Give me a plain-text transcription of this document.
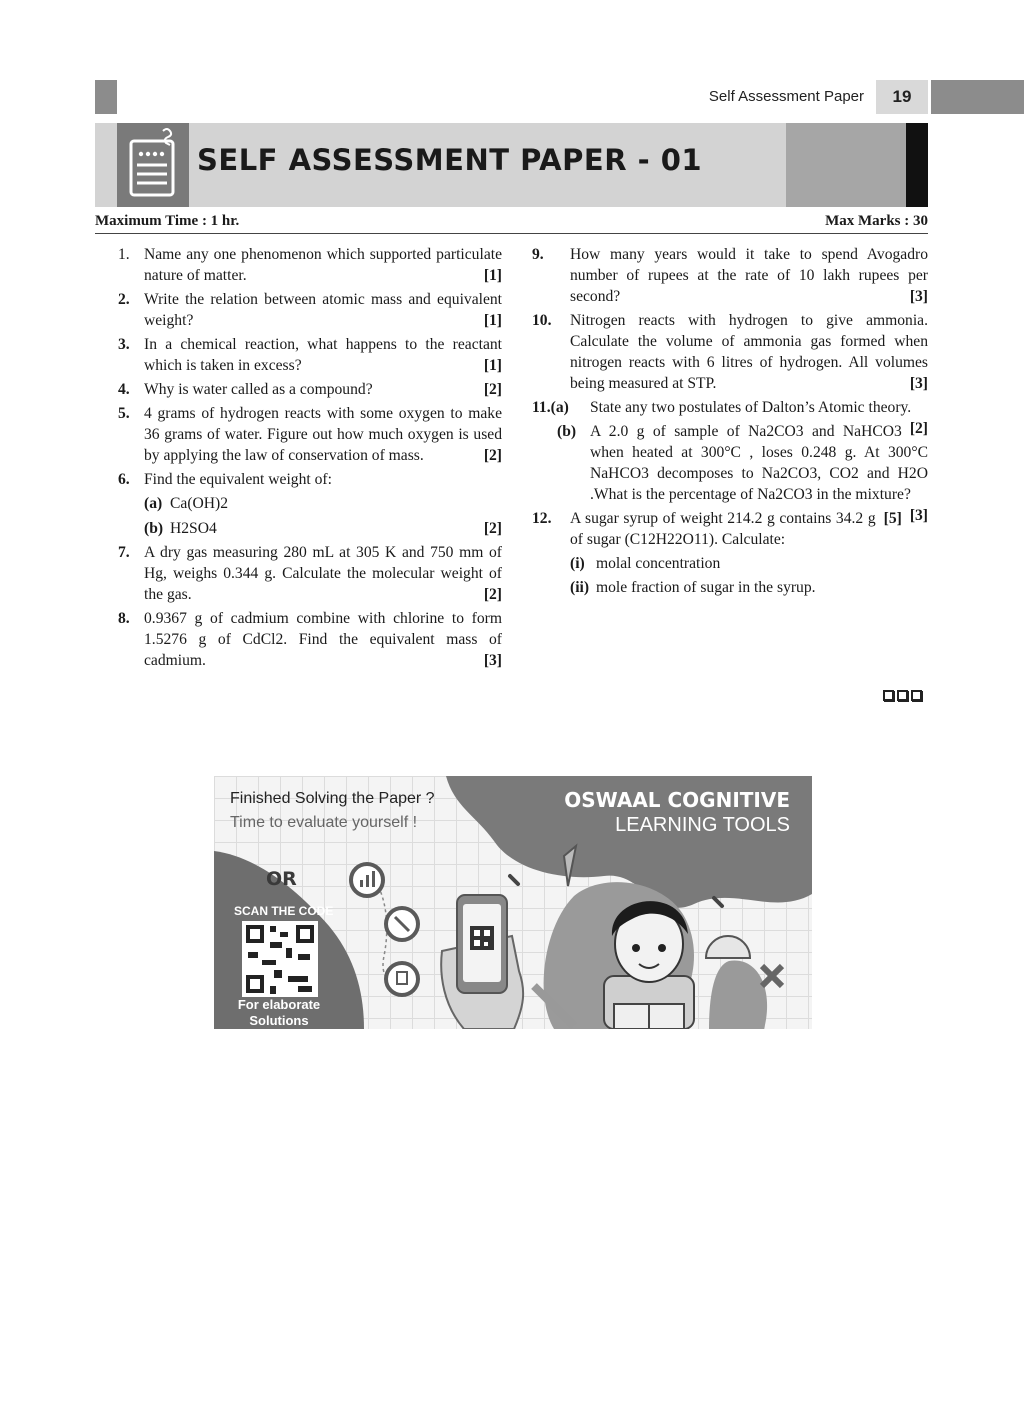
Self Assessment Paper	19
SELF ASSESSMENT PAPER - 01
Maximum Time : 1 hr.	Max Marks : 30
1. Name any one phenomenon which supported particulate nature of matter.	[1]
2. Write the relation between atomic mass and equivalent weight?	[1]
3. In a chemical reaction, what happens to the reactant which is taken in excess?	[1]
4. Why is water called as a compound?	[2]
5. 4 grams of hydrogen reacts with some oxygen to make 36 grams of water. Figure out how much oxygen is used by applying the law of conservation of mass.	[2]
6. Find the equivalent weight of:
(a) Ca(OH)2
(b) H2SO4	[2]
7. A dry gas measuring 280 mL at 305 K and 750 mm of Hg, weighs 0.344 g. Calculate the molecular weight of the gas.	[2]
8. 0.9367 g of cadmium combine with chlorine to form 1.5276 g of CdCl2. Find the equivalent mass of cadmium.	[3]
9. How many years would it take to spend Avogadro number of rupees at the rate of 10 lakh rupees per second?	[3]
10. Nitrogen reacts with hydrogen to give ammonia. Calculate the volume of ammonia gas formed when nitrogen reacts with 6 litres of hydrogen. All volumes being measured at STP.	[3]
11.(a) State any two postulates of Dalton’s Atomic theory.
[2]
(b) A 2.0 g of sample of Na2CO3 and NaHCO3 when heated at 300°C , loses 0.248 g. At 300°C NaHCO3 decomposes to Na2CO3, CO2 and H2O .What is the percentage of Na2CO3 in the mixture?
[3]
12.	[5]
A sugar syrup of weight 214.2 g contains 34.2 g of sugar (C12H22O11). Calculate:
(i) molal concentration
(ii) mole fraction of sugar in the syrup.
Finished Solving the Paper ?
Time to evaluate yourself !
OSWAAL COGNITIVE
LEARNING TOOLS
OR
SCAN THE CODE
For elaborate Solutions
